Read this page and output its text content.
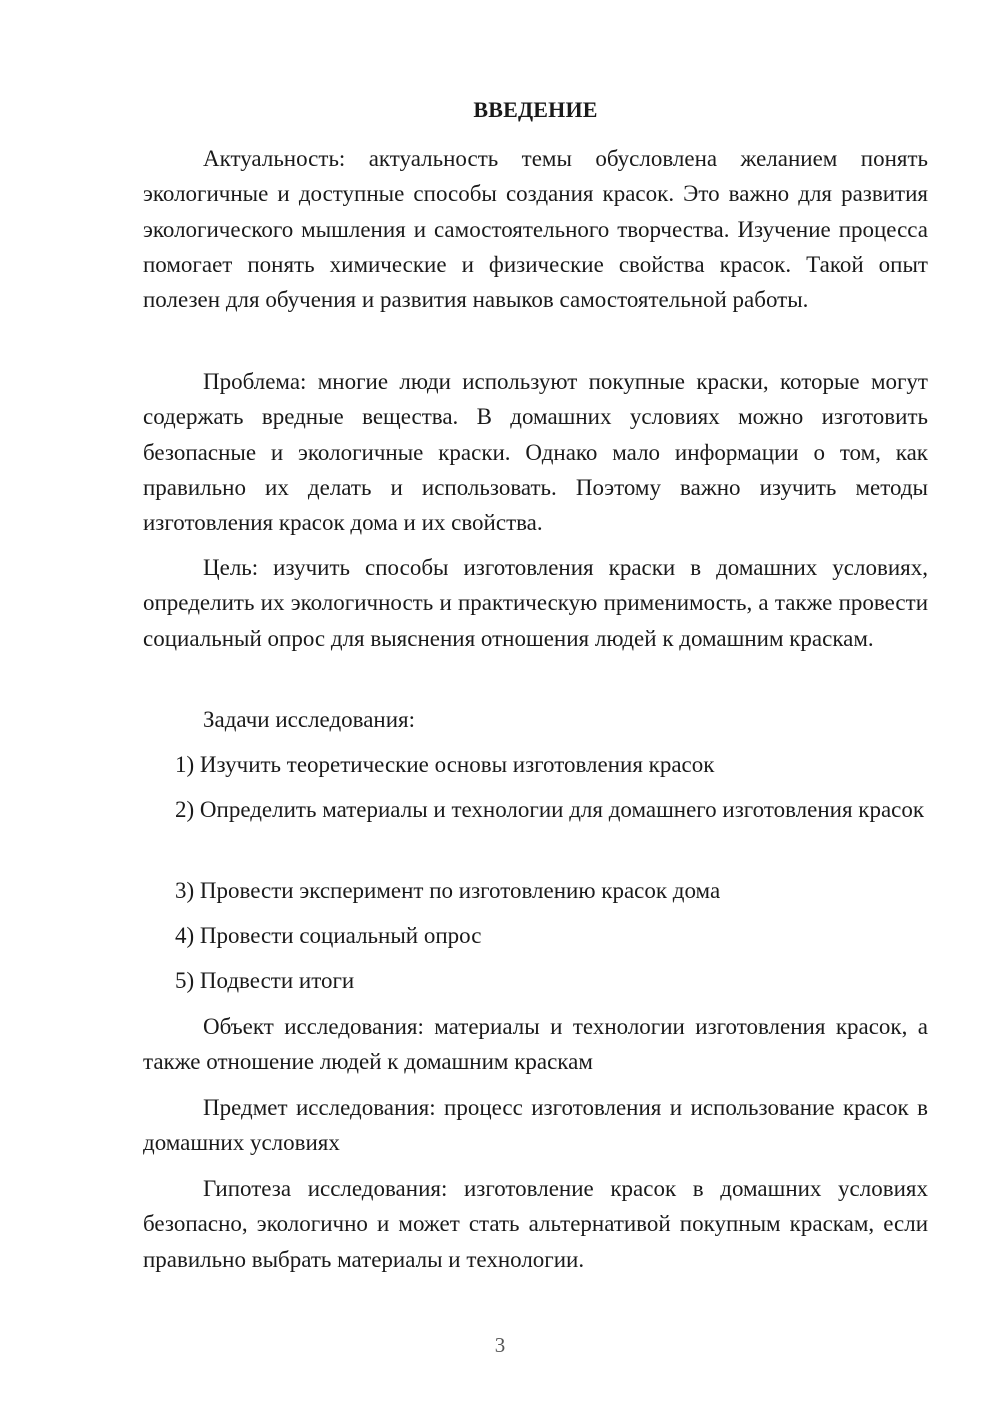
ВВЕДЕНИЕ

Актуальность: актуальность темы обусловлена желанием понять экологичные и доступные способы создания красок. Это важно для развития экологического мышления и самостоятельного творчества. Изучение процесса помогает понять химические и физические свойства красок. Такой опыт полезен для обучения и развития навыков самостоятельной работы.

Проблема: многие люди используют покупные краски, которые могут содержать вредные вещества. В домашних условиях можно изготовить безопасные и экологичные краски. Однако мало информации о том, как правильно их делать и использовать. Поэтому важно изучить методы изготовления красок дома и их свойства.

Цель: изучить способы изготовления краски в домашних условиях, определить их экологичность и практическую применимость, а также провести социальный опрос для выяснения отношения людей к домашним краскам.

Задачи исследования:

1) Изучить теоретические основы изготовления красок

2) Определить материалы и технологии для домашнего изготовления красок

3) Провести эксперимент по изготовлению красок дома

4) Провести социальный опрос

5) Подвести итоги

Объект исследования: материалы и технологии изготовления красок, а также отношение людей к домашним краскам

Предмет исследования: процесс изготовления и использование красок в домашних условиях

Гипотеза исследования: изготовление красок в домашних условиях безопасно, экологично и может стать альтернативой покупным краскам, если правильно выбрать материалы и технологии.

3
